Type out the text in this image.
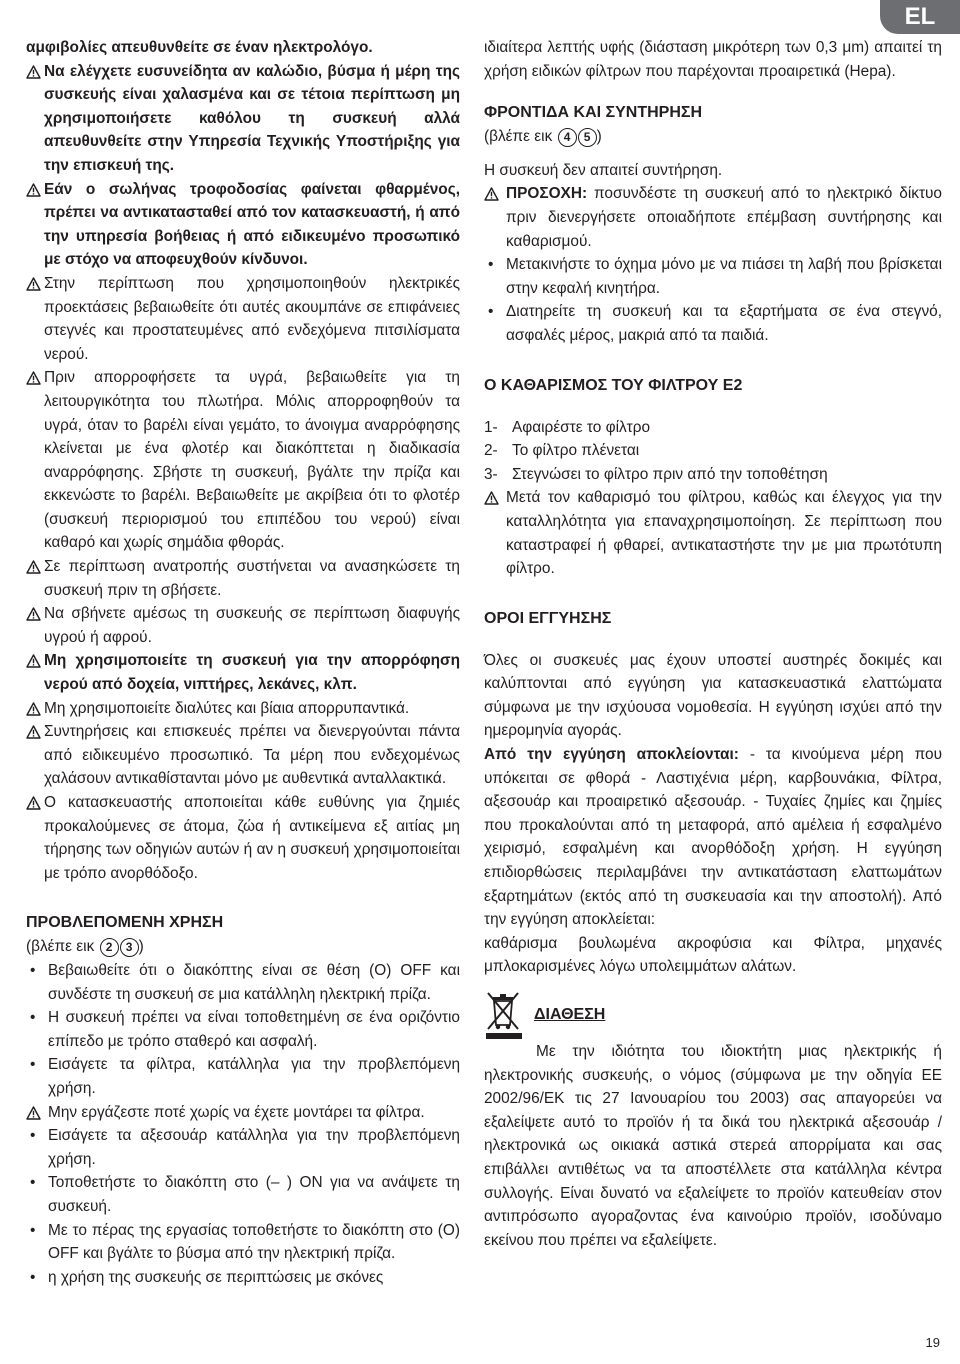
EL

αμφιβολίες απευθυνθείτε σε έναν ηλεκτρολόγο.

Να ελέγχετε ευσυνείδητα αν καλώδιο, βύσμα ή μέρη της συσκευής είναι χαλασμένα και σε τέτοια περίπτωση μη χρησιμοποιήσετε καθόλου τη συσκευή αλλά απευθυνθείτε στην Υπηρεσία Τεχνικής Υποστήριξης για την επισκευή της.

Εάν ο σωλήνας τροφοδοσίας φαίνεται φθαρμένος, πρέπει να αντικατασταθεί από τον κατασκευαστή, ή από την υπηρεσία βοήθειας ή από ειδικευμένο προσωπικό με στόχο να αποφευχθούν κίνδυνοι.

Στην περίπτωση που χρησιμοποιηθούν ηλεκτρικές προεκτάσεις βεβαιωθείτε ότι αυτές ακουμπάνε σε επιφάνειες στεγνές και προστατευμένες από ενδεχόμενα πιτσιλίσματα νερού.

Πριν απορροφήσετε τα υγρά, βεβαιωθείτε για τη λειτουργικότητα του πλωτήρα. Μόλις απορροφηθούν τα υγρά, όταν το βαρέλι είναι γεμάτο, το άνοιγμα αναρρόφησης κλείνεται με ένα φλοτέρ και διακόπτεται η διαδικασία αναρρόφησης. Σβήστε τη συσκευή, βγάλτε την πρίζα και εκκενώστε το βαρέλι. Βεβαιωθείτε με ακρίβεια ότι το φλοτέρ (συσκευή περιορισμού του επιπέδου του νερού) είναι καθαρό και χωρίς σημάδια φθοράς.

Σε περίπτωση ανατροπής συστήνεται να ανασηκώσετε τη συσκευή πριν τη σβήσετε.

Να σβήνετε αμέσως τη συσκευής σε περίπτωση διαφυγής υγρού ή αφρού.

Μη χρησιμοποιείτε τη συσκευή για την απορρόφηση νερού από δοχεία, νιπτήρες, λεκάνες, κλπ.

Μη χρησιμοποιείτε διαλύτες και βίαια απορρυπαντικά.

Συντηρήσεις και επισκευές πρέπει να διενεργούνται πάντα από ειδικευμένο προσωπικό. Τα μέρη που ενδεχομένως χαλάσουν αντικαθίστανται μόνο με αυθεντικά ανταλλακτικά.

Ο κατασκευαστής αποποιείται κάθε ευθύνης για ζημιές προκαλούμενες σε άτομα, ζώα ή αντικείμενα εξ αιτίας μη τήρησης των οδηγιών αυτών ή αν η συσκευή χρησιμοποιείται με τρόπο ανορθόδοξο.

ΠΡΟΒΛΕΠΟΜΕΝΗ ΧΡΗΣΗ

(βλέπε εικ 2 3 )

• Βεβαιωθείτε ότι ο διακόπτης είναι σε θέση (O) OFF και συνδέστε τη συσκευή σε μια κατάλληλη ηλεκτρική πρίζα.

• Η συσκευή πρέπει να είναι τοποθετημένη σε ένα οριζόντιο επίπεδο με τρόπο σταθερό και ασφαλή.

• Εισάγετε τα φίλτρα, κατάλληλα για την προβλεπόμενη χρήση.

Μην εργάζεστε ποτέ χωρίς να έχετε μοντάρει τα φίλτρα.

• Εισάγετε τα αξεσουάρ κατάλληλα για την προβλεπόμενη χρήση.

• Τοποθετήστε το διακόπτη στο (– ) ON για να ανάψετε τη συσκευή.

• Με το πέρας της εργασίας τοποθετήστε το διακόπτη στο (O) OFF και βγάλτε το βύσμα από την ηλεκτρική πρίζα.

• η χρήση της συσκευής σε περιπτώσεις με σκόνες

ιδιαίτερα λεπτής υφής (διάσταση μικρότερη των 0,3 μm) απαιτεί τη χρήση ειδικών φίλτρων που παρέχονται προαιρετικά (Hepa).

ΦΡΟΝΤΙΔΑ ΚΑΙ ΣΥΝΤΗΡΗΣΗ

(βλέπε εικ 4 5 )

Η συσκευή δεν απαιτεί συντήρηση.

ΠΡΟΣΟΧΗ: ποσυνδέστε τη συσκευή από το ηλεκτρικό δίκτυο πριν διενεργήσετε οποιαδήποτε επέμβαση συντήρησης και καθαρισμού.

• Μετακινήστε το όχημα μόνο με να πιάσει τη λαβή που βρίσκεται στην κεφαλή κινητήρα.

• Διατηρείτε τη συσκευή και τα εξαρτήματα σε ένα στεγνό, ασφαλές μέρος, μακριά από τα παιδιά.

Ο ΚΑΘΑΡΙΣΜΟΣ ΤΟΥ ΦΙΛΤΡΟΥ Ε2

1- Αφαιρέστε το φίλτρο

2- Το φίλτρο πλένεται

3- Στεγνώσει το φίλτρο πριν από την τοποθέτηση

Μετά τον καθαρισμό του φίλτρου, καθώς και έλεγχος για την καταλληλότητα για επαναχρησιμοποίηση. Σε περίπτωση που καταστραφεί ή φθαρεί, αντικαταστήστε την με μια πρωτότυπη φίλτρο.

ΟΡΟΙ ΕΓΓΥΗΣΗΣ

Όλες οι συσκευές μας έχουν υποστεί αυστηρές δοκιμές και καλύπτονται από εγγύηση για κατασκευαστικά ελαττώματα σύμφωνα με την ισχύουσα νομοθεσία. Η εγγύηση ισχύει από την ημερομηνία αγοράς.

Από την εγγύηση αποκλείονται: - τα κινούμενα μέρη που υπόκειται σε φθορά - Λαστιχένια μέρη, καρβουνάκια, Φίλτρα, αξεσουάρ και προαιρετικό αξεσουάρ. - Τυχαίες ζημίες και ζημίες που προκαλούνται από τη μεταφορά, από αμέλεια ή εσφαλμένο χειρισμό, εσφαλμένη και ανορθόδοξη χρήση. Η εγγύηση επιδιορθώσεις περιλαμβάνει την αντικατάσταση ελαττωμάτων εξαρτημάτων (εκτός από τη συσκευασία και την αποστολή). Από την εγγύηση αποκλείεται:

καθάρισμα βουλωμένα ακροφύσια και Φίλτρα, μηχανές μπλοκαρισμένες λόγω υπολειμμάτων αλάτων.

ΔΙΑΘΕΣΗ

Με την ιδιότητα του ιδιοκτήτη μιας ηλεκτρικής ή ηλεκτρονικής συσκευής, ο νόμος (σύμφωνα με την οδηγία ΕΕ 2002/96/ΕΚ τις 27 Ιανουαρίου του 2003) σας απαγορεύει να εξαλείψετε αυτό το προϊόν ή τα δικά του ηλεκτρικά αξεσουάρ /ηλεκτρονικά ως οικιακά αστικά στερεά απορρίματα και σας επιβάλλει αντιθέτως να τα αποστέλλετε στα κατάλληλα κέντρα συλλογής. Είναι δυνατό να εξαλείψετε το προϊόν κατευθείαν στον αντιπρόσωπο αγοραζοντας ένα καινούριο προϊόν, ισοδύναμο εκείνου που πρέπει να εξαλείψετε.

19
